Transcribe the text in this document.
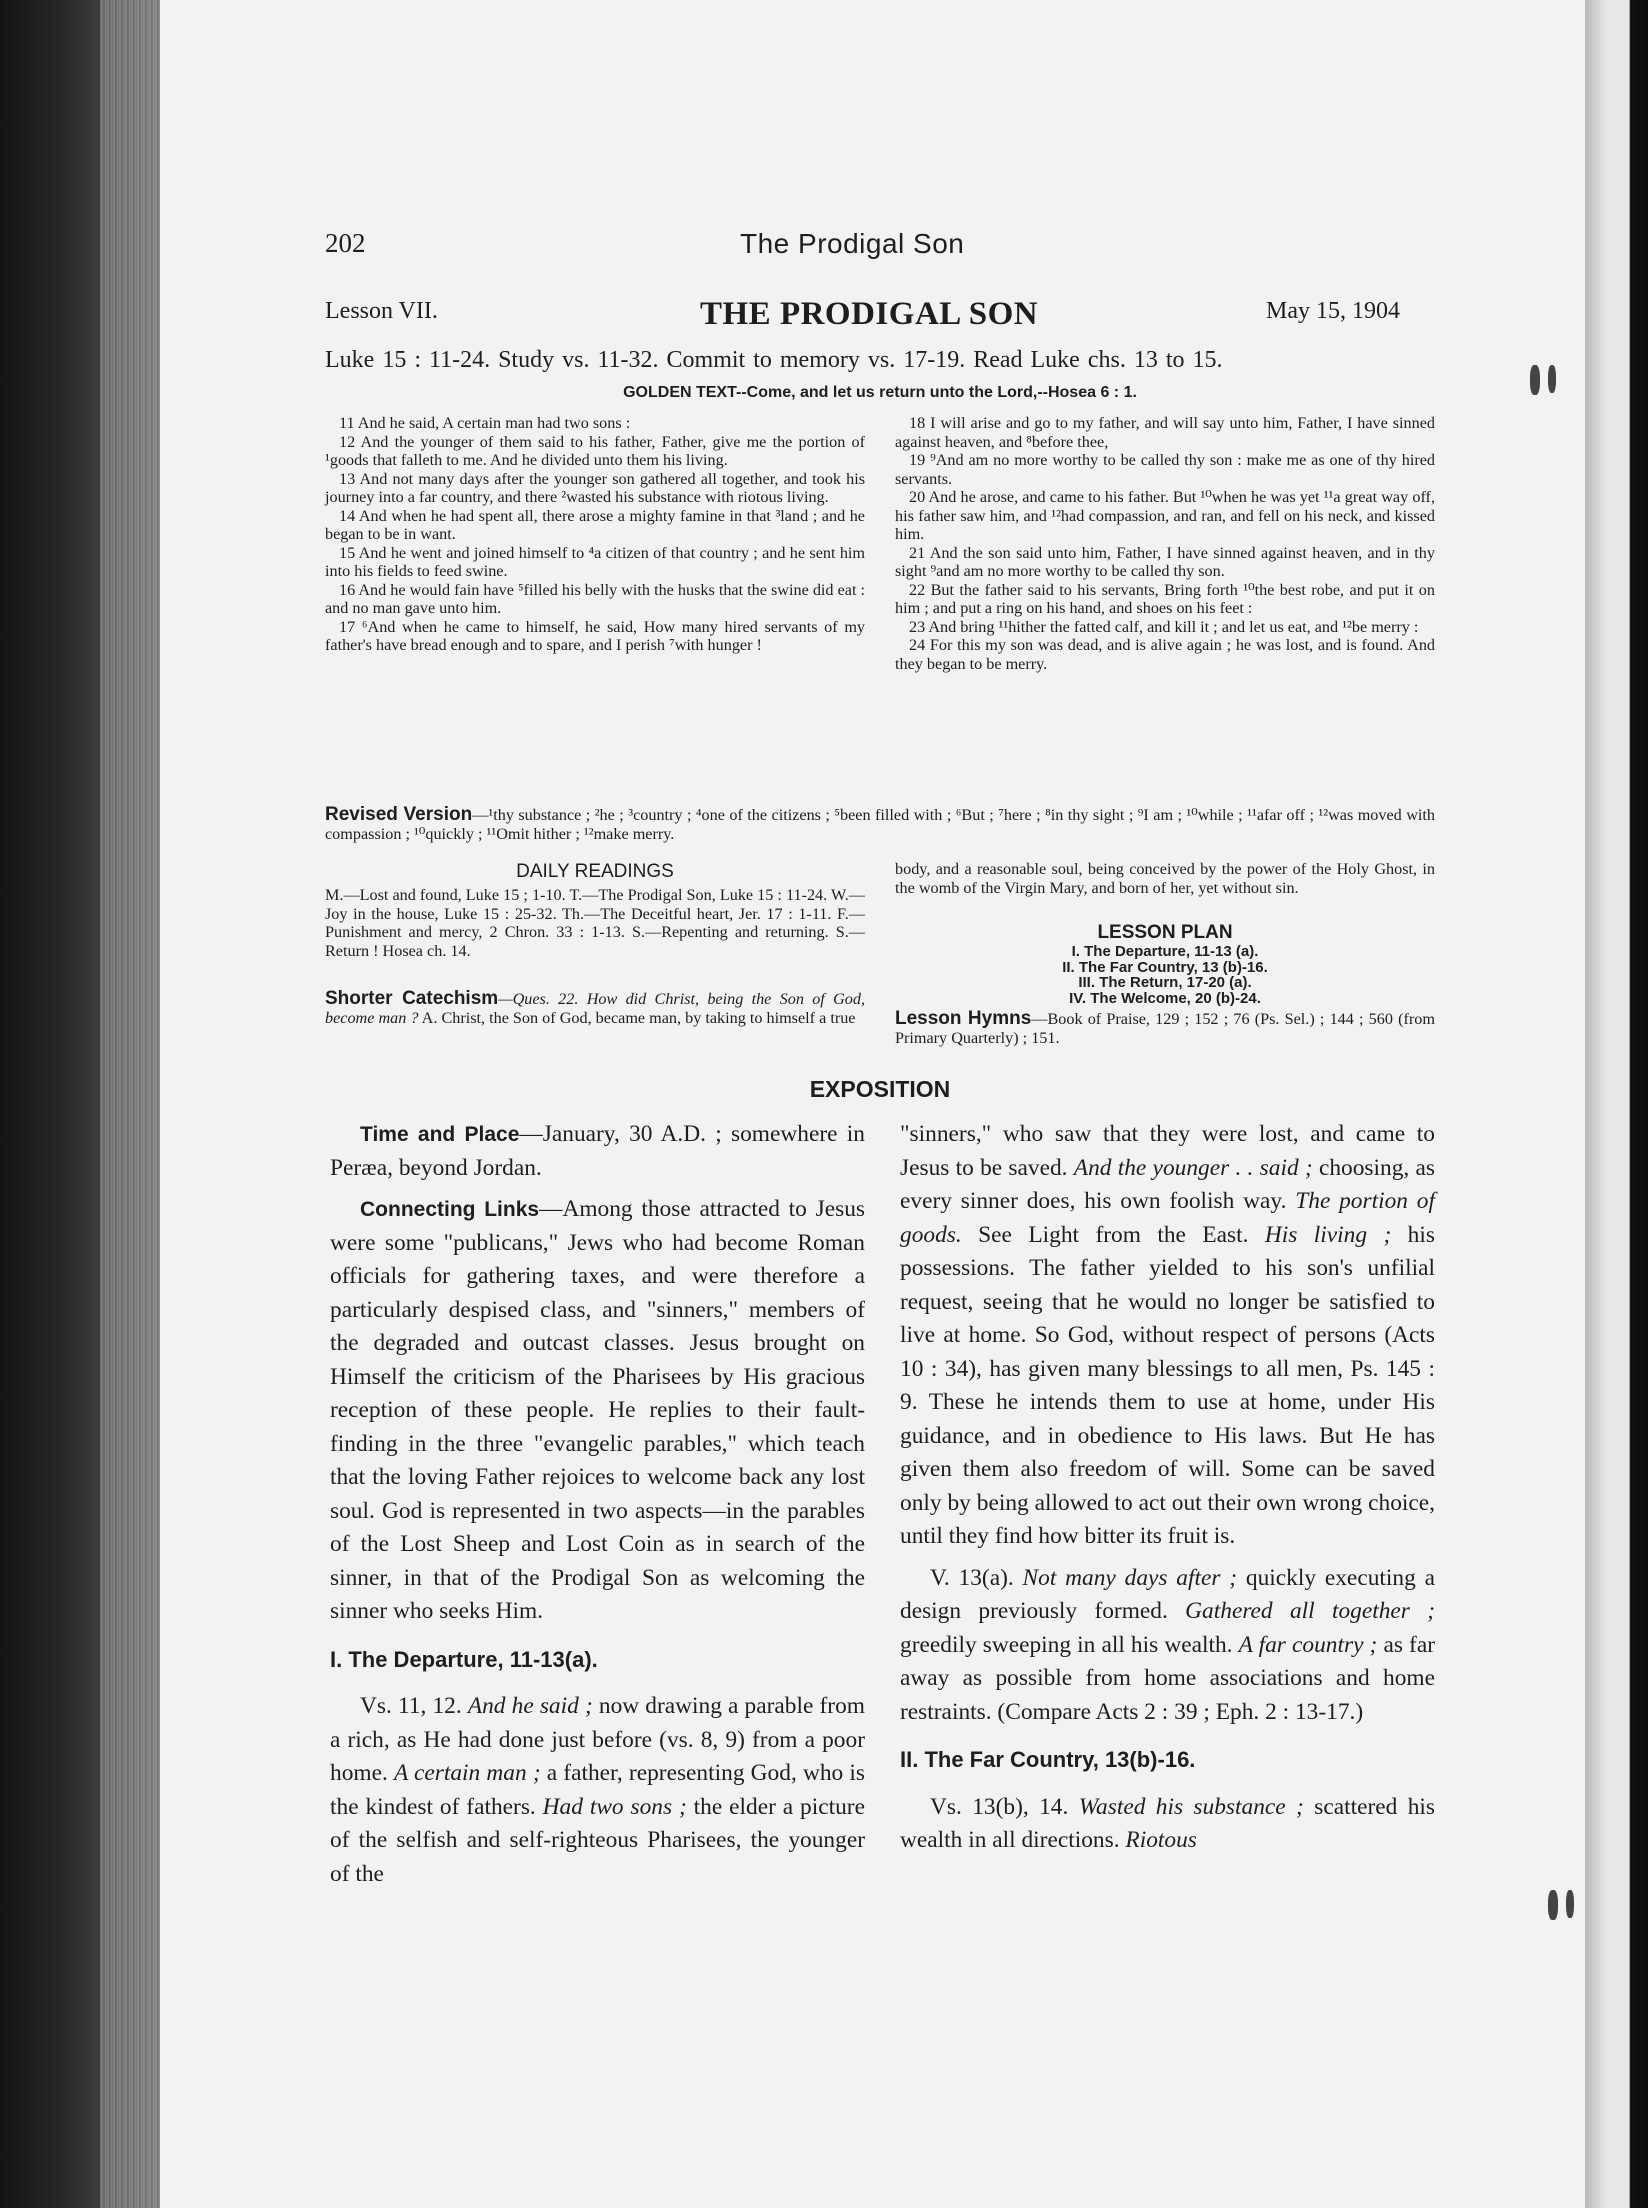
202	The Prodigal Son
Lesson VII.	THE PRODIGAL SON	May 15, 1904
Luke 15 : 11-24. Study vs. 11-32. Commit to memory vs. 17-19. Read Luke chs. 13 to 15.
GOLDEN TEXT--Come, and let us return unto the Lord,--Hosea 6 : 1.

11 And he said, A certain man had two sons :

12 And the younger of them said to his father, Father, give me the portion of ¹goods that falleth to me. And he divided unto them his living.

13 And not many days after the younger son gathered all together, and took his journey into a far country, and there ²wasted his substance with riotous living.

14 And when he had spent all, there arose a mighty famine in that ³land ; and he began to be in want.

15 And he went and joined himself to ⁴a citizen of that country ; and he sent him into his fields to feed swine.

16 And he would fain have ⁵filled his belly with the husks that the swine did eat : and no man gave unto him.

17 ⁶And when he came to himself, he said, How many hired servants of my father's have bread enough and to spare, and I perish ⁷with hunger !

18 I will arise and go to my father, and will say unto him, Father, I have sinned against heaven, and ⁸before thee,

19 ⁹And am no more worthy to be called thy son : make me as one of thy hired servants.

20 And he arose, and came to his father. But ¹⁰when he was yet ¹¹a great way off, his father saw him, and ¹²had compassion, and ran, and fell on his neck, and kissed him.

21 And the son said unto him, Father, I have sinned against heaven, and in thy sight ⁹and am no more worthy to be called thy son.

22 But the father said to his servants, Bring forth ¹⁰the best robe, and put it on him ; and put a ring on his hand, and shoes on his feet :

23 And bring ¹¹hither the fatted calf, and kill it ; and let us eat, and ¹²be merry :

24 For this my son was dead, and is alive again ; he was lost, and is found. And they began to be merry.

Revised Version—¹thy substance ; ²he ; ³country ; ⁴one of the citizens ; ⁵been filled with ; ⁶But ; ⁷here ; ⁸in thy sight ; ⁹I am ; ¹⁰while ; ¹¹afar off ; ¹²was moved with compassion ; ¹⁰quickly ; ¹¹Omit hither ; ¹²make merry.
DAILY READINGS
M.—Lost and found, Luke 15 ; 1-10. T.—The Prodigal Son, Luke 15 : 11-24. W.—Joy in the house, Luke 15 : 25-32. Th.—The Deceitful heart, Jer. 17 : 1-11. F.—Punishment and mercy, 2 Chron. 33 : 1-13. S.—Repenting and returning. S.—Return ! Hosea ch. 14.
Shorter Catechism—Ques. 22. How did Christ, being the Son of God, become man ? A. Christ, the Son of God, became man, by taking to himself a true
body, and a reasonable soul, being conceived by the power of the Holy Ghost, in the womb of the Virgin Mary, and born of her, yet without sin.
LESSON PLAN
I. The Departure, 11-13 (a).
II. The Far Country, 13 (b)-16.
III. The Return, 17-20 (a).
IV. The Welcome, 20 (b)-24.
Lesson Hymns—Book of Praise, 129 ; 152 ; 76 (Ps. Sel.) ; 144 ; 560 (from Primary Quarterly) ; 151.
EXPOSITION

Time and Place—January, 30 A.D. ; somewhere in Peræa, beyond Jordan.

Connecting Links—Among those attracted to Jesus were some "publicans," Jews who had become Roman officials for gathering taxes, and were therefore a particularly despised class, and "sinners," members of the degraded and outcast classes. Jesus brought on Himself the criticism of the Pharisees by His gracious reception of these people. He replies to their fault-finding in the three "evangelic parables," which teach that the loving Father rejoices to welcome back any lost soul. God is represented in two aspects—in the parables of the Lost Sheep and Lost Coin as in search of the sinner, in that of the Prodigal Son as welcoming the sinner who seeks Him.

I. The Departure, 11-13(a).

Vs. 11, 12. And he said ; now drawing a parable from a rich, as He had done just before (vs. 8, 9) from a poor home. A certain man ; a father, representing God, who is the kindest of fathers. Had two sons ; the elder a picture of the selfish and self-righteous Pharisees, the younger of the

"sinners," who saw that they were lost, and came to Jesus to be saved. And the younger . . said ; choosing, as every sinner does, his own foolish way. The portion of goods. See Light from the East. His living ; his possessions. The father yielded to his son's unfilial request, seeing that he would no longer be satisfied to live at home. So God, without respect of persons (Acts 10 : 34), has given many blessings to all men, Ps. 145 : 9. These he intends them to use at home, under His guidance, and in obedience to His laws. But He has given them also freedom of will. Some can be saved only by being allowed to act out their own wrong choice, until they find how bitter its fruit is.

V. 13(a). Not many days after ; quickly executing a design previously formed. Gathered all together ; greedily sweeping in all his wealth. A far country ; as far away as possible from home associations and home restraints. (Compare Acts 2 : 39 ; Eph. 2 : 13-17.)

II. The Far Country, 13(b)-16.

Vs. 13(b), 14. Wasted his substance ; scattered his wealth in all directions. Riotous
